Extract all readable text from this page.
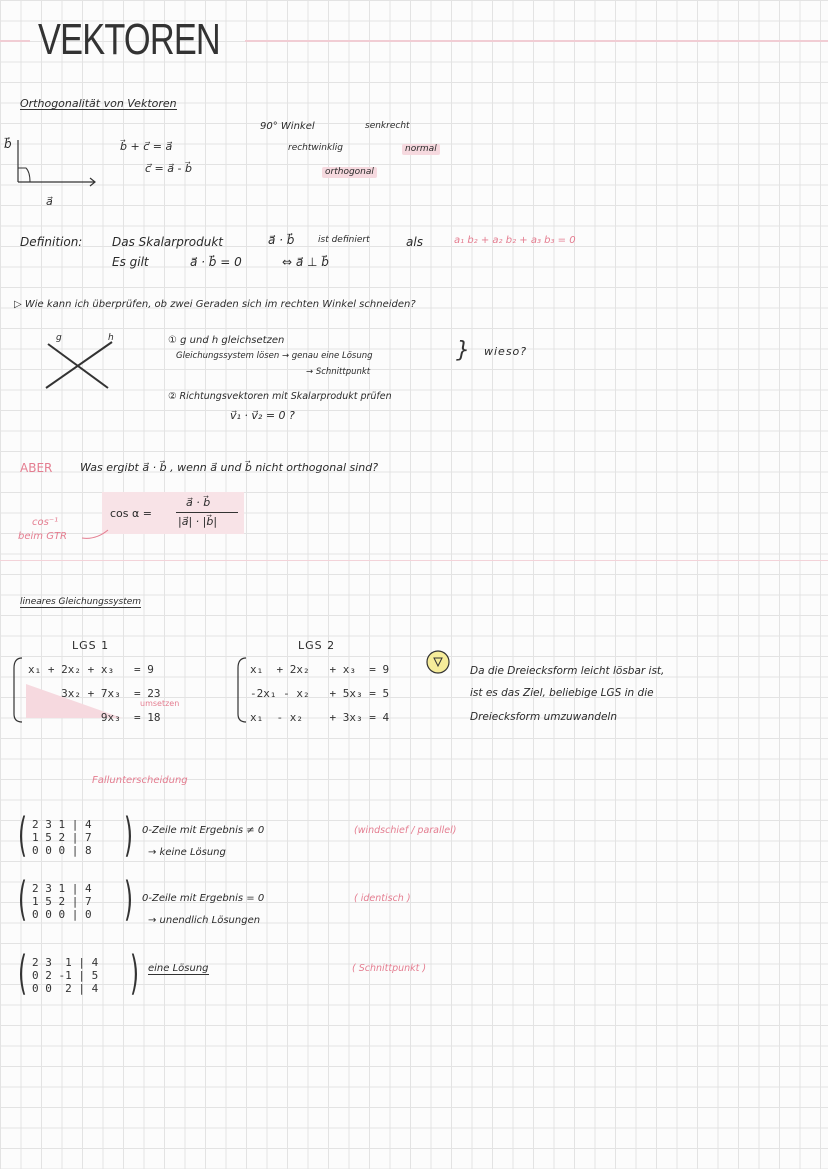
VEKTOREN
Orthogonalität von Vektoren
b⃗
a⃗
b⃗ + c⃗ = a⃗
c⃗ = a⃗ - b⃗
90° Winkel
rechtwinklig
senkrecht
normal
orthogonal
Definition: Das Skalarprodukt	a⃗ · b⃗	ist definiert	als	a₁ b₂ + a₂ b₂ + a₃ b₃ = 0
Es gilt	a⃗ · b⃗ = 0	⇔ a⃗ ⊥ b⃗
▷ Wie kann ich überprüfen, ob zwei Geraden sich im rechten Winkel schneiden?
g	h	① g und h gleichsetzen
Gleichungssystem lösen → genau eine Lösung
→ Schnittpunkt
} wieso?
② Richtungsvektoren mit Skalarprodukt prüfen
v⃗₁ · v⃗₂ = 0 ?
ABER	Was ergibt a⃗ · b⃗ , wenn a⃗ und b⃗ nicht orthogonal sind?
cos α =
a⃗ · b⃗
|a⃗| · |b⃗|
cos⁻¹
beim GTR
lineares Gleichungssystem
LGS 1	LGS 2
x₁ + 2x₂ + x₃   = 9
3x₂ + 7x₃  = 23
umsetzen
9x₃  = 18
x₁  + 2x₂   + x₃  = 9
-2x₁ - x₂   + 5x₃ = 5
x₁  - x₂    + 3x₃ = 4
Da die Dreiecksform leicht lösbar ist,
ist es das Ziel, beliebige LGS in die
Dreiecksform umzuwandeln
Fallunterscheidung
( 2 3 1 | 4
1 5 2 | 7
0 0 0 | 8 ) 0-Zeile mit Ergebnis ≠ 0
→ keine Lösung
(windschief / parallel)
( 2 3 1 | 4
1 5 2 | 7
0 0 0 | 0 ) 0-Zeile mit Ergebnis = 0
→ unendlich Lösungen
( identisch )
( 2 3  1 | 4
0 2 -1 | 5
0 0  2 | 4 ) eine Lösung	( Schnittpunkt )
